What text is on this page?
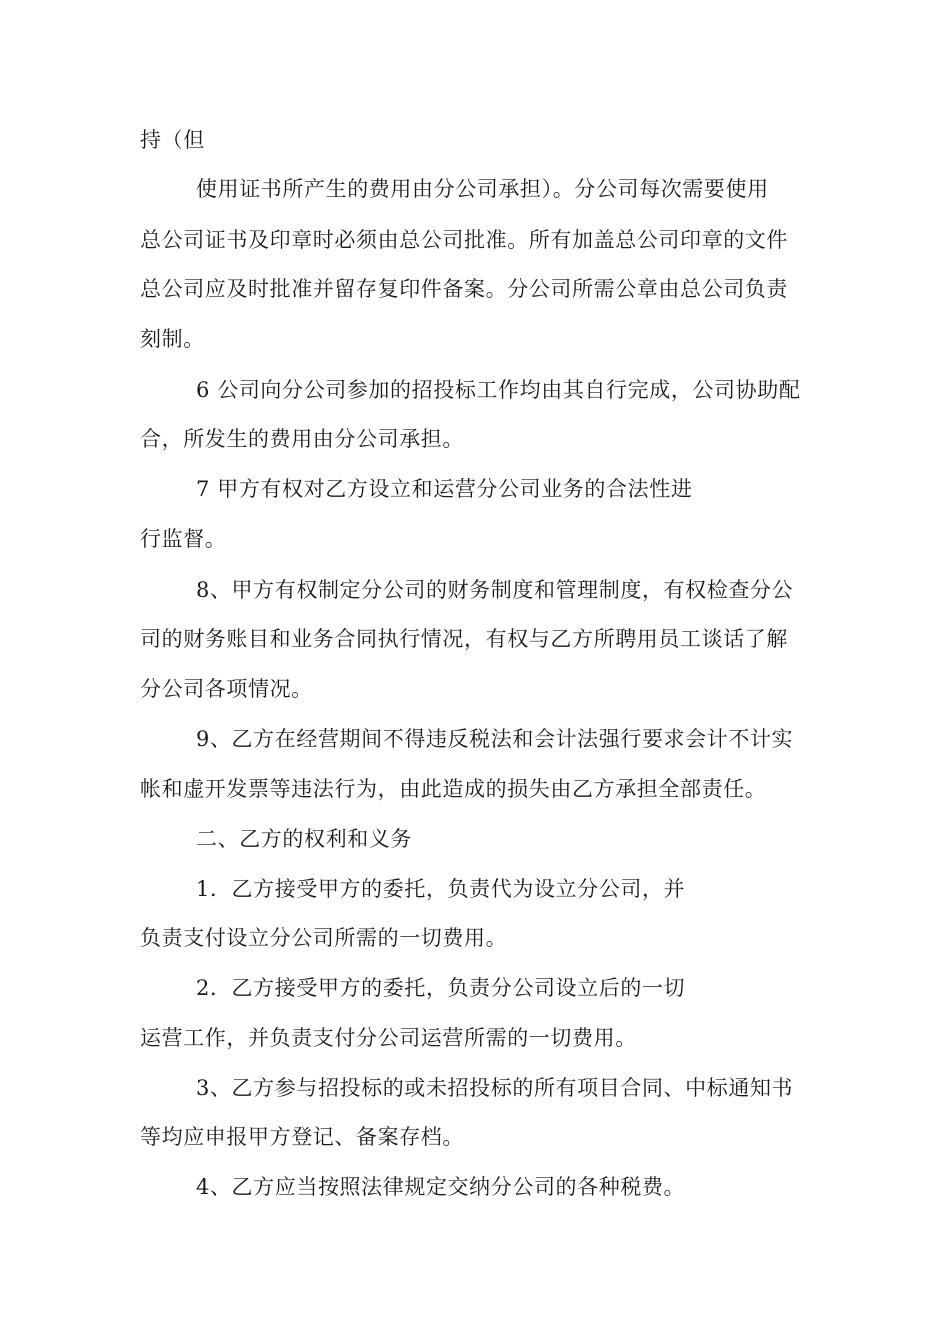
持（但
使用证书所产生的费用由分公司承担）。分公司每次需要使用
总公司证书及印章时必须由总公司批准。所有加盖总公司印章的文件
总公司应及时批准并留存复印件备案。分公司所需公章由总公司负责
刻制。
6 公司向分公司参加的招投标工作均由其自行完成，公司协助配
合，所发生的费用由分公司承担。
7 甲方有权对乙方设立和运营分公司业务的合法性进
行监督。
8、甲方有权制定分公司的财务制度和管理制度，有权检查分公
司的财务账目和业务合同执行情况，有权与乙方所聘用员工谈话了解
分公司各项情况。
9、乙方在经营期间不得违反税法和会计法强行要求会计不计实
帐和虚开发票等违法行为，由此造成的损失由乙方承担全部责任。
二、乙方的权利和义务
1．乙方接受甲方的委托，负责代为设立分公司，并
负责支付设立分公司所需的一切费用。
2．乙方接受甲方的委托，负责分公司设立后的一切
运营工作，并负责支付分公司运营所需的一切费用。
3、乙方参与招投标的或未招投标的所有项目合同、中标通知书
等均应申报甲方登记、备案存档。
4、乙方应当按照法律规定交纳分公司的各种税费。
